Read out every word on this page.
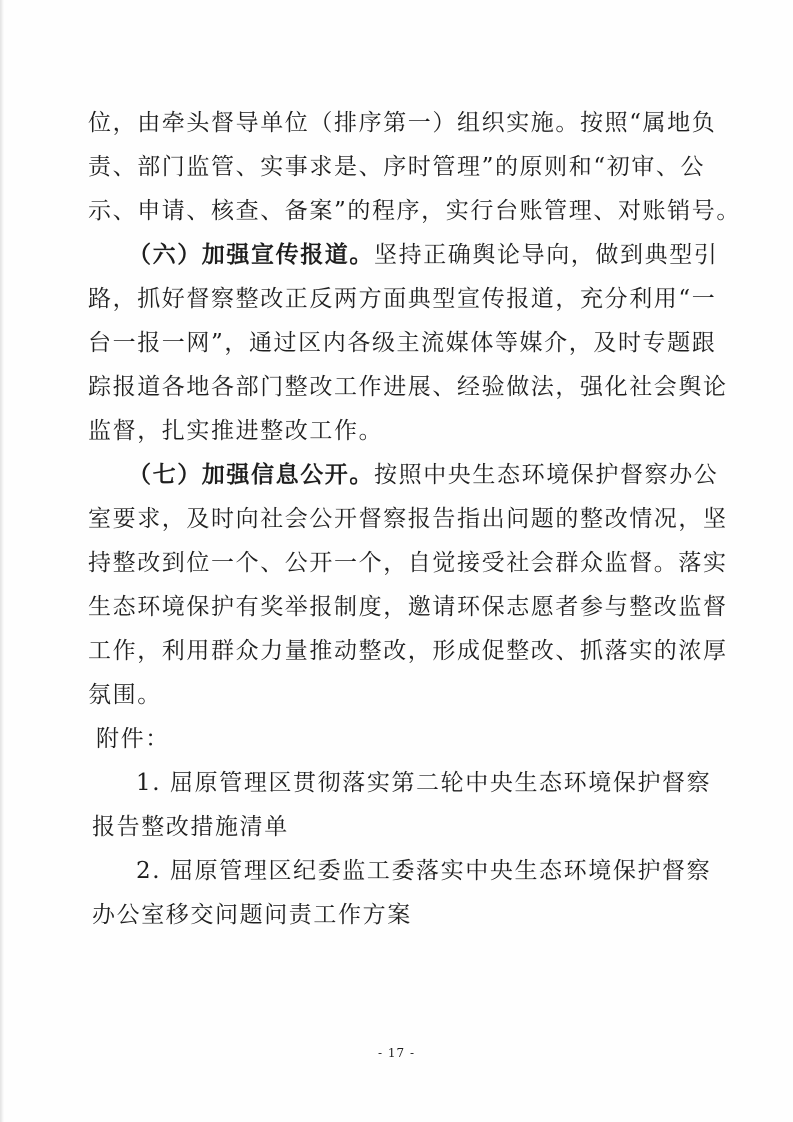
位，由牵头督导单位（排序第一）组织实施。按照“属地负
责、部门监管、实事求是、序时管理”的原则和“初审、公
示、申请、核查、备案”的程序，实行台账管理、对账销号。
（六）加强宣传报道。坚持正确舆论导向，做到典型引
路，抓好督察整改正反两方面典型宣传报道，充分利用“一
台一报一网”，通过区内各级主流媒体等媒介，及时专题跟
踪报道各地各部门整改工作进展、经验做法，强化社会舆论
监督，扎实推进整改工作。
（七）加强信息公开。按照中央生态环境保护督察办公
室要求，及时向社会公开督察报告指出问题的整改情况，坚
持整改到位一个、公开一个，自觉接受社会群众监督。落实
生态环境保护有奖举报制度，邀请环保志愿者参与整改监督
工作，利用群众力量推动整改，形成促整改、抓落实的浓厚
氛围。
附件：
1. 屈原管理区贯彻落实第二轮中央生态环境保护督察
报告整改措施清单
2. 屈原管理区纪委监工委落实中央生态环境保护督察
办公室移交问题问责工作方案
- 17 -
